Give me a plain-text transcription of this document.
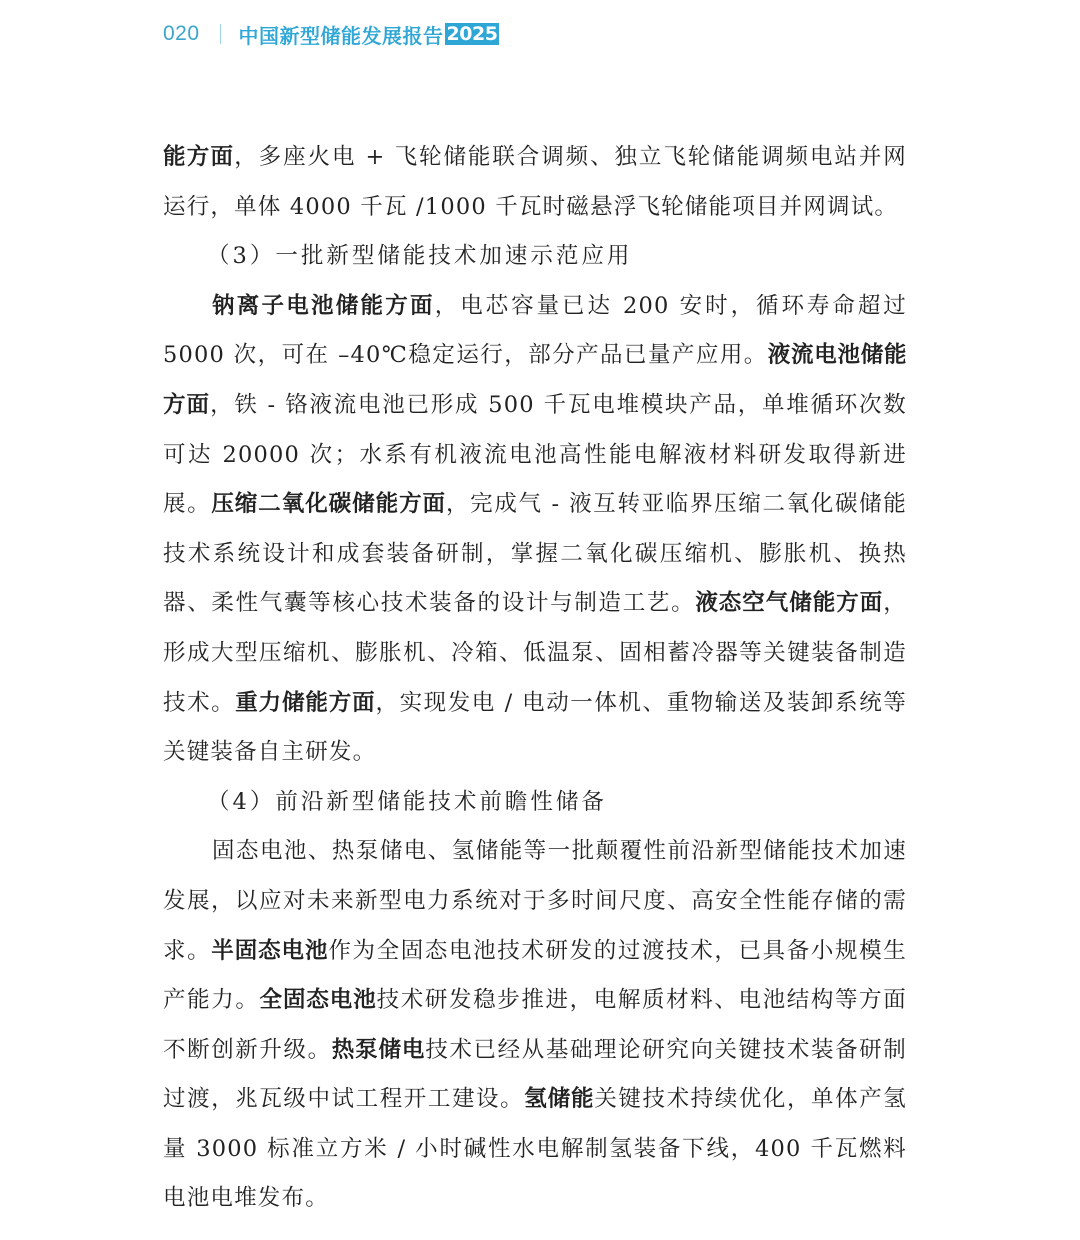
020 中国新型储能发展报告 2025

能方面，多座火电 + 飞轮储能联合调频、独立飞轮储能调频电站并网运行，单体 4000 千瓦 /1000 千瓦时磁悬浮飞轮储能项目并网调试。

（3）一批新型储能技术加速示范应用

钠离子电池储能方面，电芯容量已达 200 安时，循环寿命超过 5000 次，可在 –40℃稳定运行，部分产品已量产应用。液流电池储能方面，铁 - 铬液流电池已形成 500 千瓦电堆模块产品，单堆循环次数可达 20000 次；水系有机液流电池高性能电解液材料研发取得新进展。压缩二氧化碳储能方面，完成气 - 液互转亚临界压缩二氧化碳储能技术系统设计和成套装备研制，掌握二氧化碳压缩机、膨胀机、换热器、柔性气囊等核心技术装备的设计与制造工艺。液态空气储能方面，形成大型压缩机、膨胀机、冷箱、低温泵、固相蓄冷器等关键装备制造技术。重力储能方面，实现发电 / 电动一体机、重物输送及装卸系统等关键装备自主研发。

（4）前沿新型储能技术前瞻性储备

固态电池、热泵储电、氢储能等一批颠覆性前沿新型储能技术加速发展，以应对未来新型电力系统对于多时间尺度、高安全性能存储的需求。半固态电池作为全固态电池技术研发的过渡技术，已具备小规模生产能力。全固态电池技术研发稳步推进，电解质材料、电池结构等方面不断创新升级。热泵储电技术已经从基础理论研究向关键技术装备研制过渡，兆瓦级中试工程开工建设。氢储能关键技术持续优化，单体产氢量 3000 标准立方米 / 小时碱性水电解制氢装备下线，400 千瓦燃料电池电堆发布。
